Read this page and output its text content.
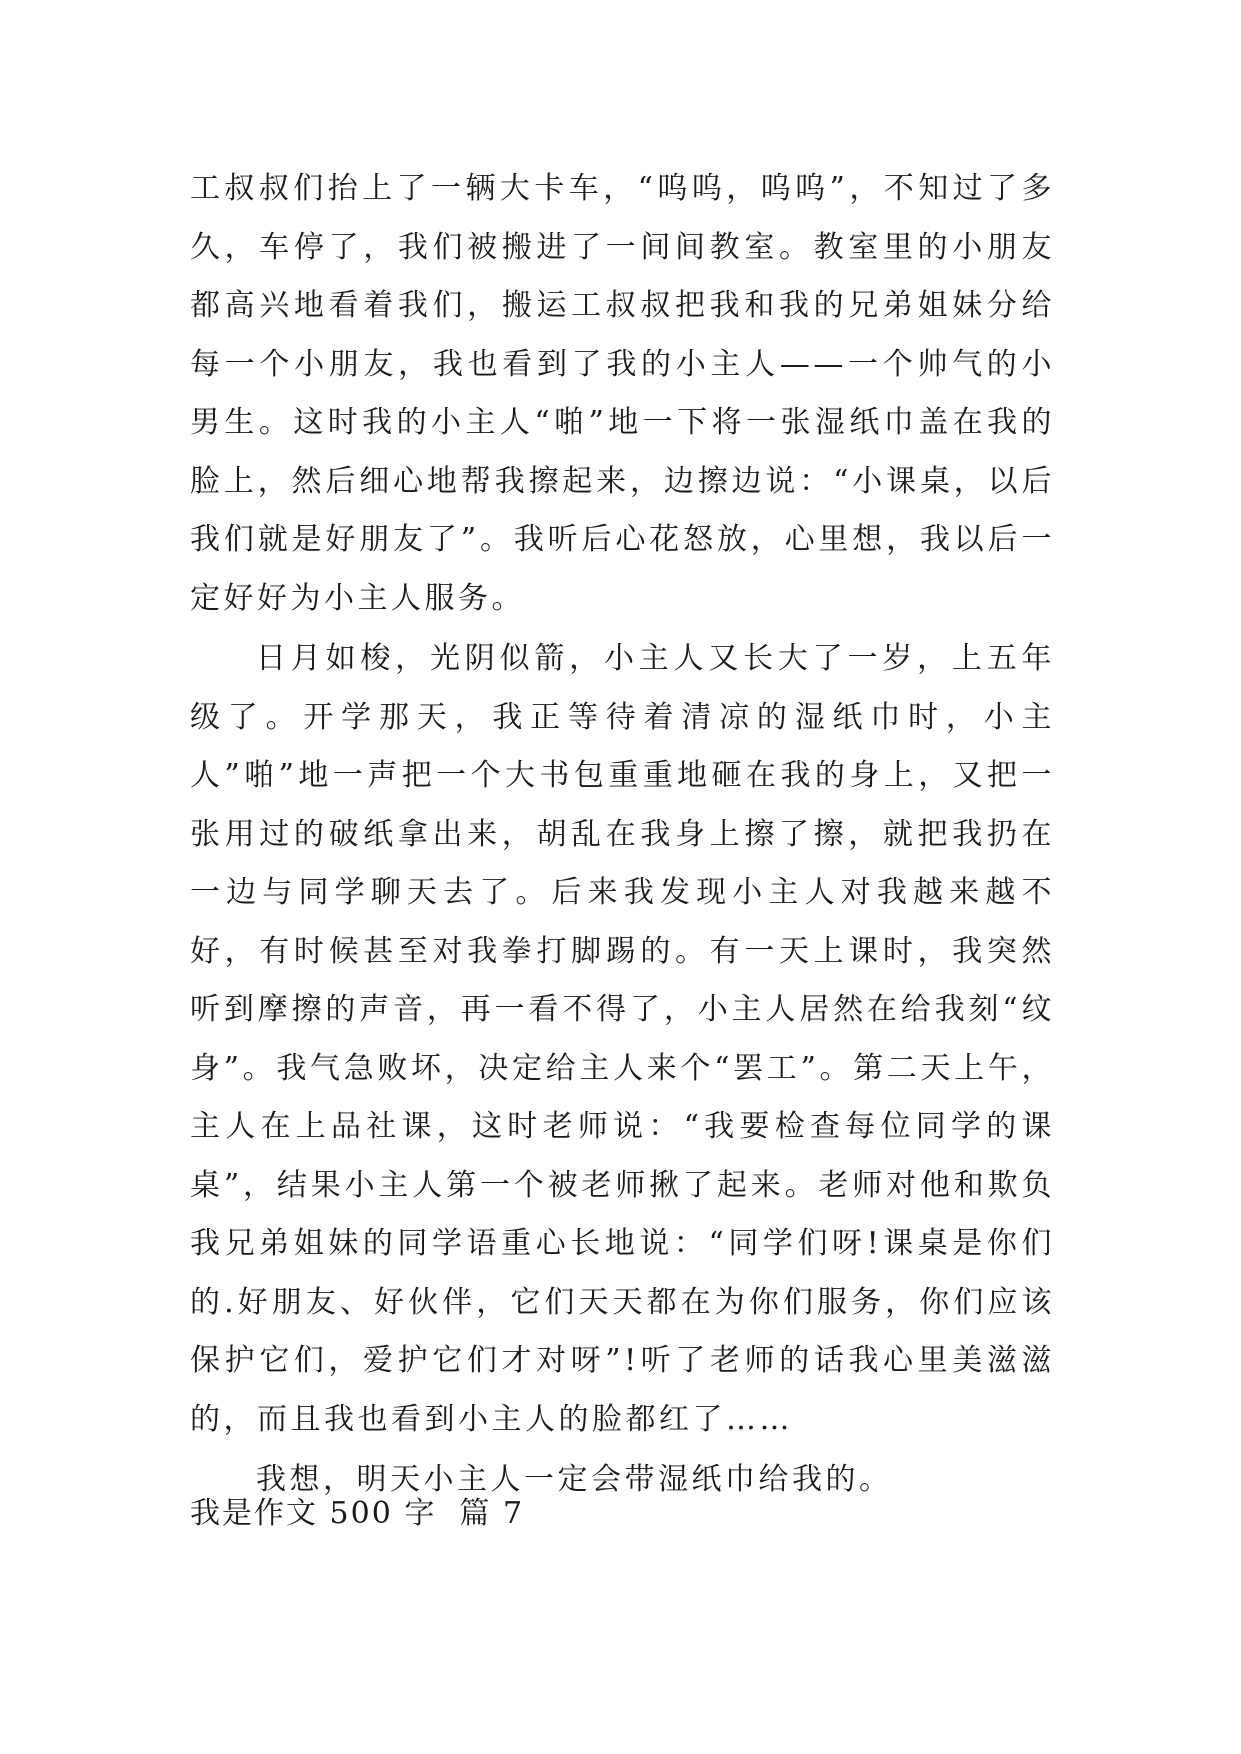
工叔叔们抬上了一辆大卡车，“呜呜，呜呜”，不知过了多久，车停了，我们被搬进了一间间教室。教室里的小朋友都高兴地看着我们，搬运工叔叔把我和我的兄弟姐妹分给每一个小朋友，我也看到了我的小主人——一个帅气的小男生。这时我的小主人“啪”地一下将一张湿纸巾盖在我的脸上，然后细心地帮我擦起来，边擦边说：“小课桌，以后我们就是好朋友了”。我听后心花怒放，心里想，我以后一定好好为小主人服务。

日月如梭，光阴似箭，小主人又长大了一岁，上五年级了。开学那天，我正等待着清凉的湿纸巾时，小主人”啪”地一声把一个大书包重重地砸在我的身上，又把一张用过的破纸拿出来，胡乱在我身上擦了擦，就把我扔在一边与同学聊天去了。后来我发现小主人对我越来越不好，有时候甚至对我拳打脚踢的。有一天上课时，我突然听到摩擦的声音，再一看不得了，小主人居然在给我刻“纹身”。我气急败坏，决定给主人来个“罢工”。第二天上午，主人在上品社课，这时老师说：“我要检查每位同学的课桌”，结果小主人第一个被老师揪了起来。老师对他和欺负我兄弟姐妹的同学语重心长地说：“同学们呀!课桌是你们的.好朋友、好伙伴，它们天天都在为你们服务，你们应该保护它们，爱护它们才对呀”!听了老师的话我心里美滋滋的，而且我也看到小主人的脸都红了……

我想，明天小主人一定会带湿纸巾给我的。

我是作文 500 字  篇 7
